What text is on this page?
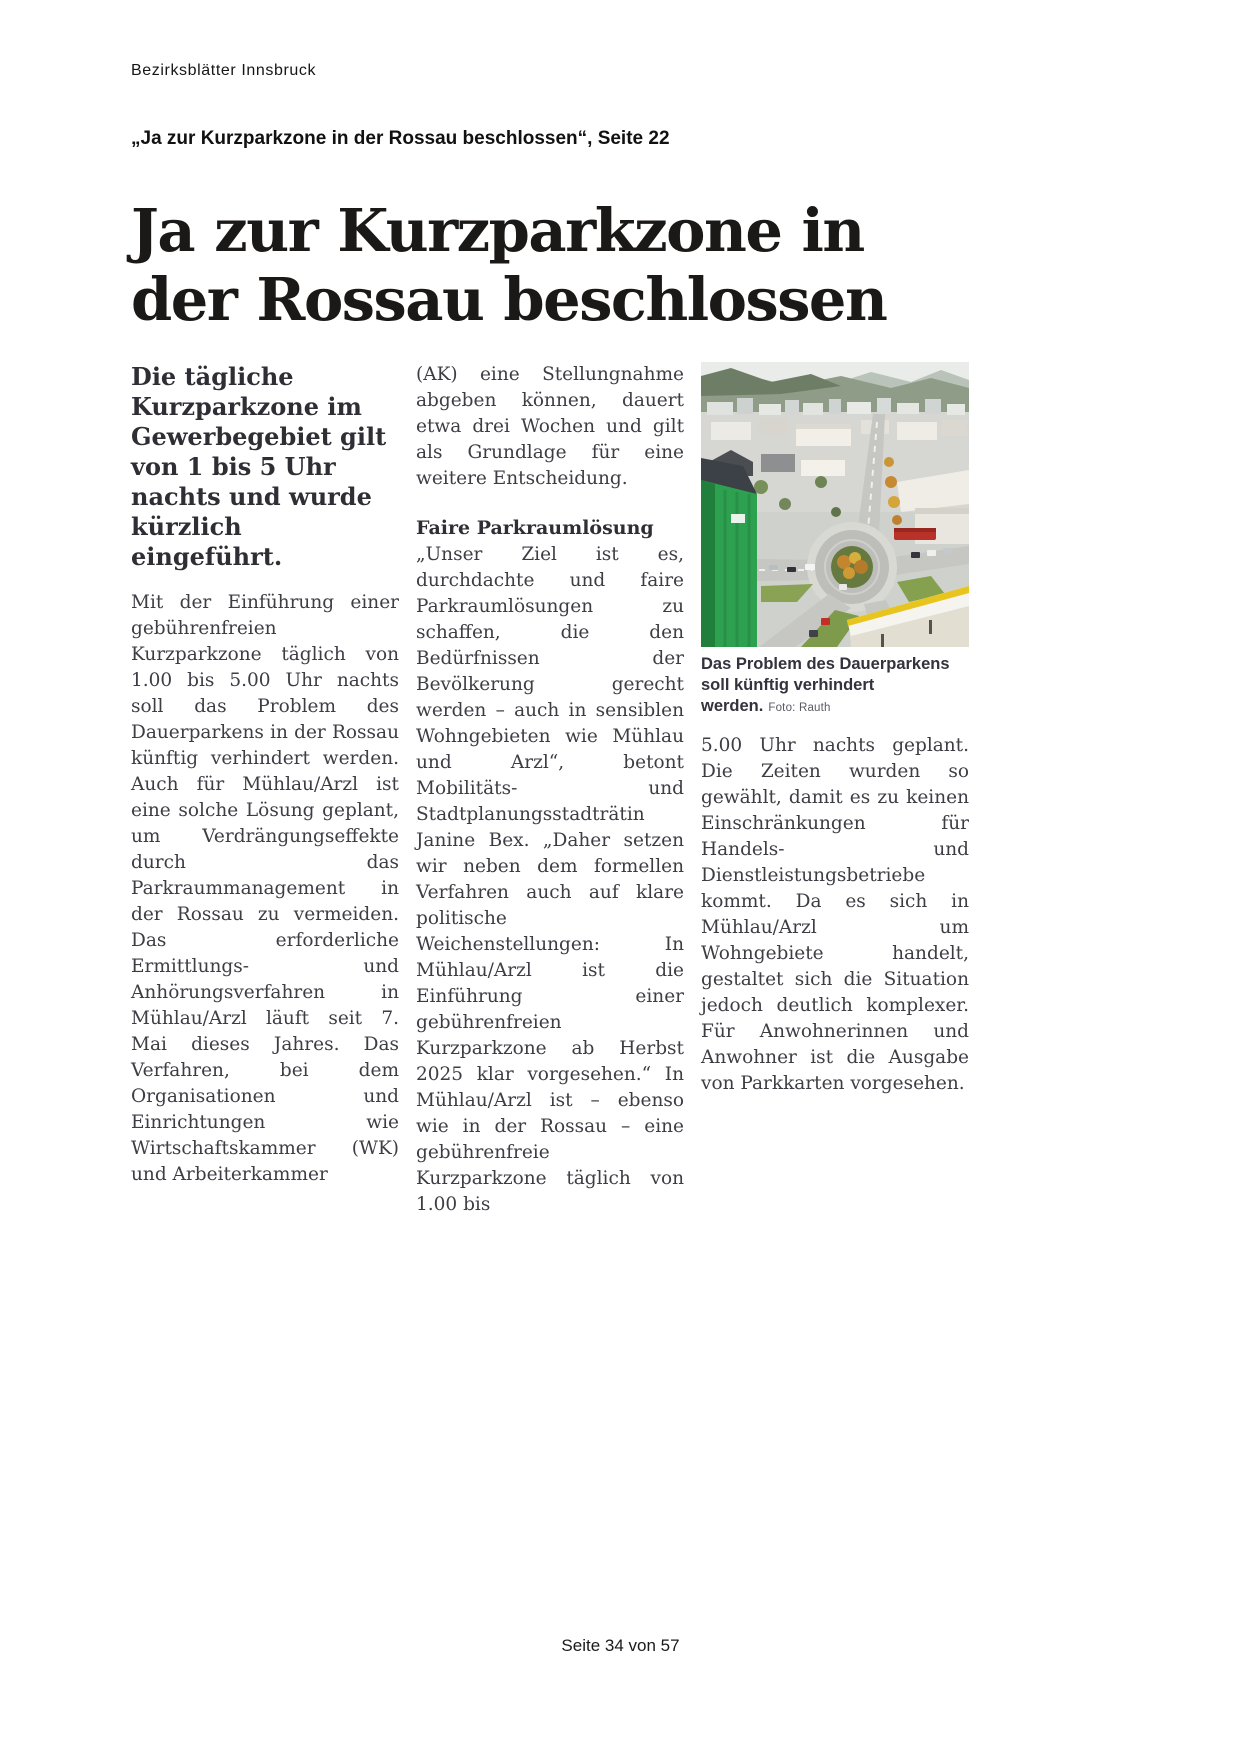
Bezirksblätter Innsbruck
„Ja zur Kurzparkzone in der Rossau beschlossen“, Seite 22
Ja zur Kurzparkzone in der Rossau beschlossen

Die tägliche Kurzparkzone im Gewerbegebiet gilt von 1 bis 5 Uhr nachts und wurde kürzlich eingeführt.

Mit der Einführung einer gebührenfreien Kurzparkzone täglich von 1.00 bis 5.00 Uhr nachts soll das Problem des Dauerparkens in der Rossau künftig verhindert werden. Auch für Mühlau/Arzl ist eine solche Lösung geplant, um Verdrängungseffekte durch das Parkraummanagement in der Rossau zu vermeiden. Das erforderliche Ermittlungs- und Anhörungsverfahren in Mühlau/Arzl läuft seit 7. Mai dieses Jahres. Das Verfahren, bei dem Organisationen und Einrichtungen wie Wirtschaftskammer (WK) und Arbeiterkammer

(AK) eine Stellungnahme abgeben können, dauert etwa drei Wochen und gilt als Grundlage für eine weitere Entscheidung.

Faire Parkraumlösung

„Unser Ziel ist es, durchdachte und faire Parkraumlösungen zu schaffen, die den Bedürfnissen der Bevölkerung gerecht werden – auch in sensiblen Wohngebieten wie Mühlau und Arzl“, betont Mobilitäts- und Stadtplanungsstadträtin Janine Bex. „Daher setzen wir neben dem formellen Verfahren auch auf klare politische Weichenstellungen: In Mühlau/Arzl ist die Einführung einer gebührenfreien Kurzparkzone ab Herbst 2025 klar vorgesehen.“ In Mühlau/Arzl ist – ebenso wie in der Rossau – eine gebührenfreie Kurzparkzone täglich von 1.00 bis

Das Problem des Dauerparkens soll künftig verhindert werden. Foto: Rauth

5.00 Uhr nachts geplant. Die Zeiten wurden so gewählt, damit es zu keinen Einschränkungen für Handels- und Dienstleistungsbetriebe kommt. Da es sich in Mühlau/Arzl um Wohngebiete handelt, gestaltet sich die Situation jedoch deutlich komplexer. Für Anwohnerinnen und Anwohner ist die Ausgabe von Parkkarten vorgesehen.

Seite 34 von 57
